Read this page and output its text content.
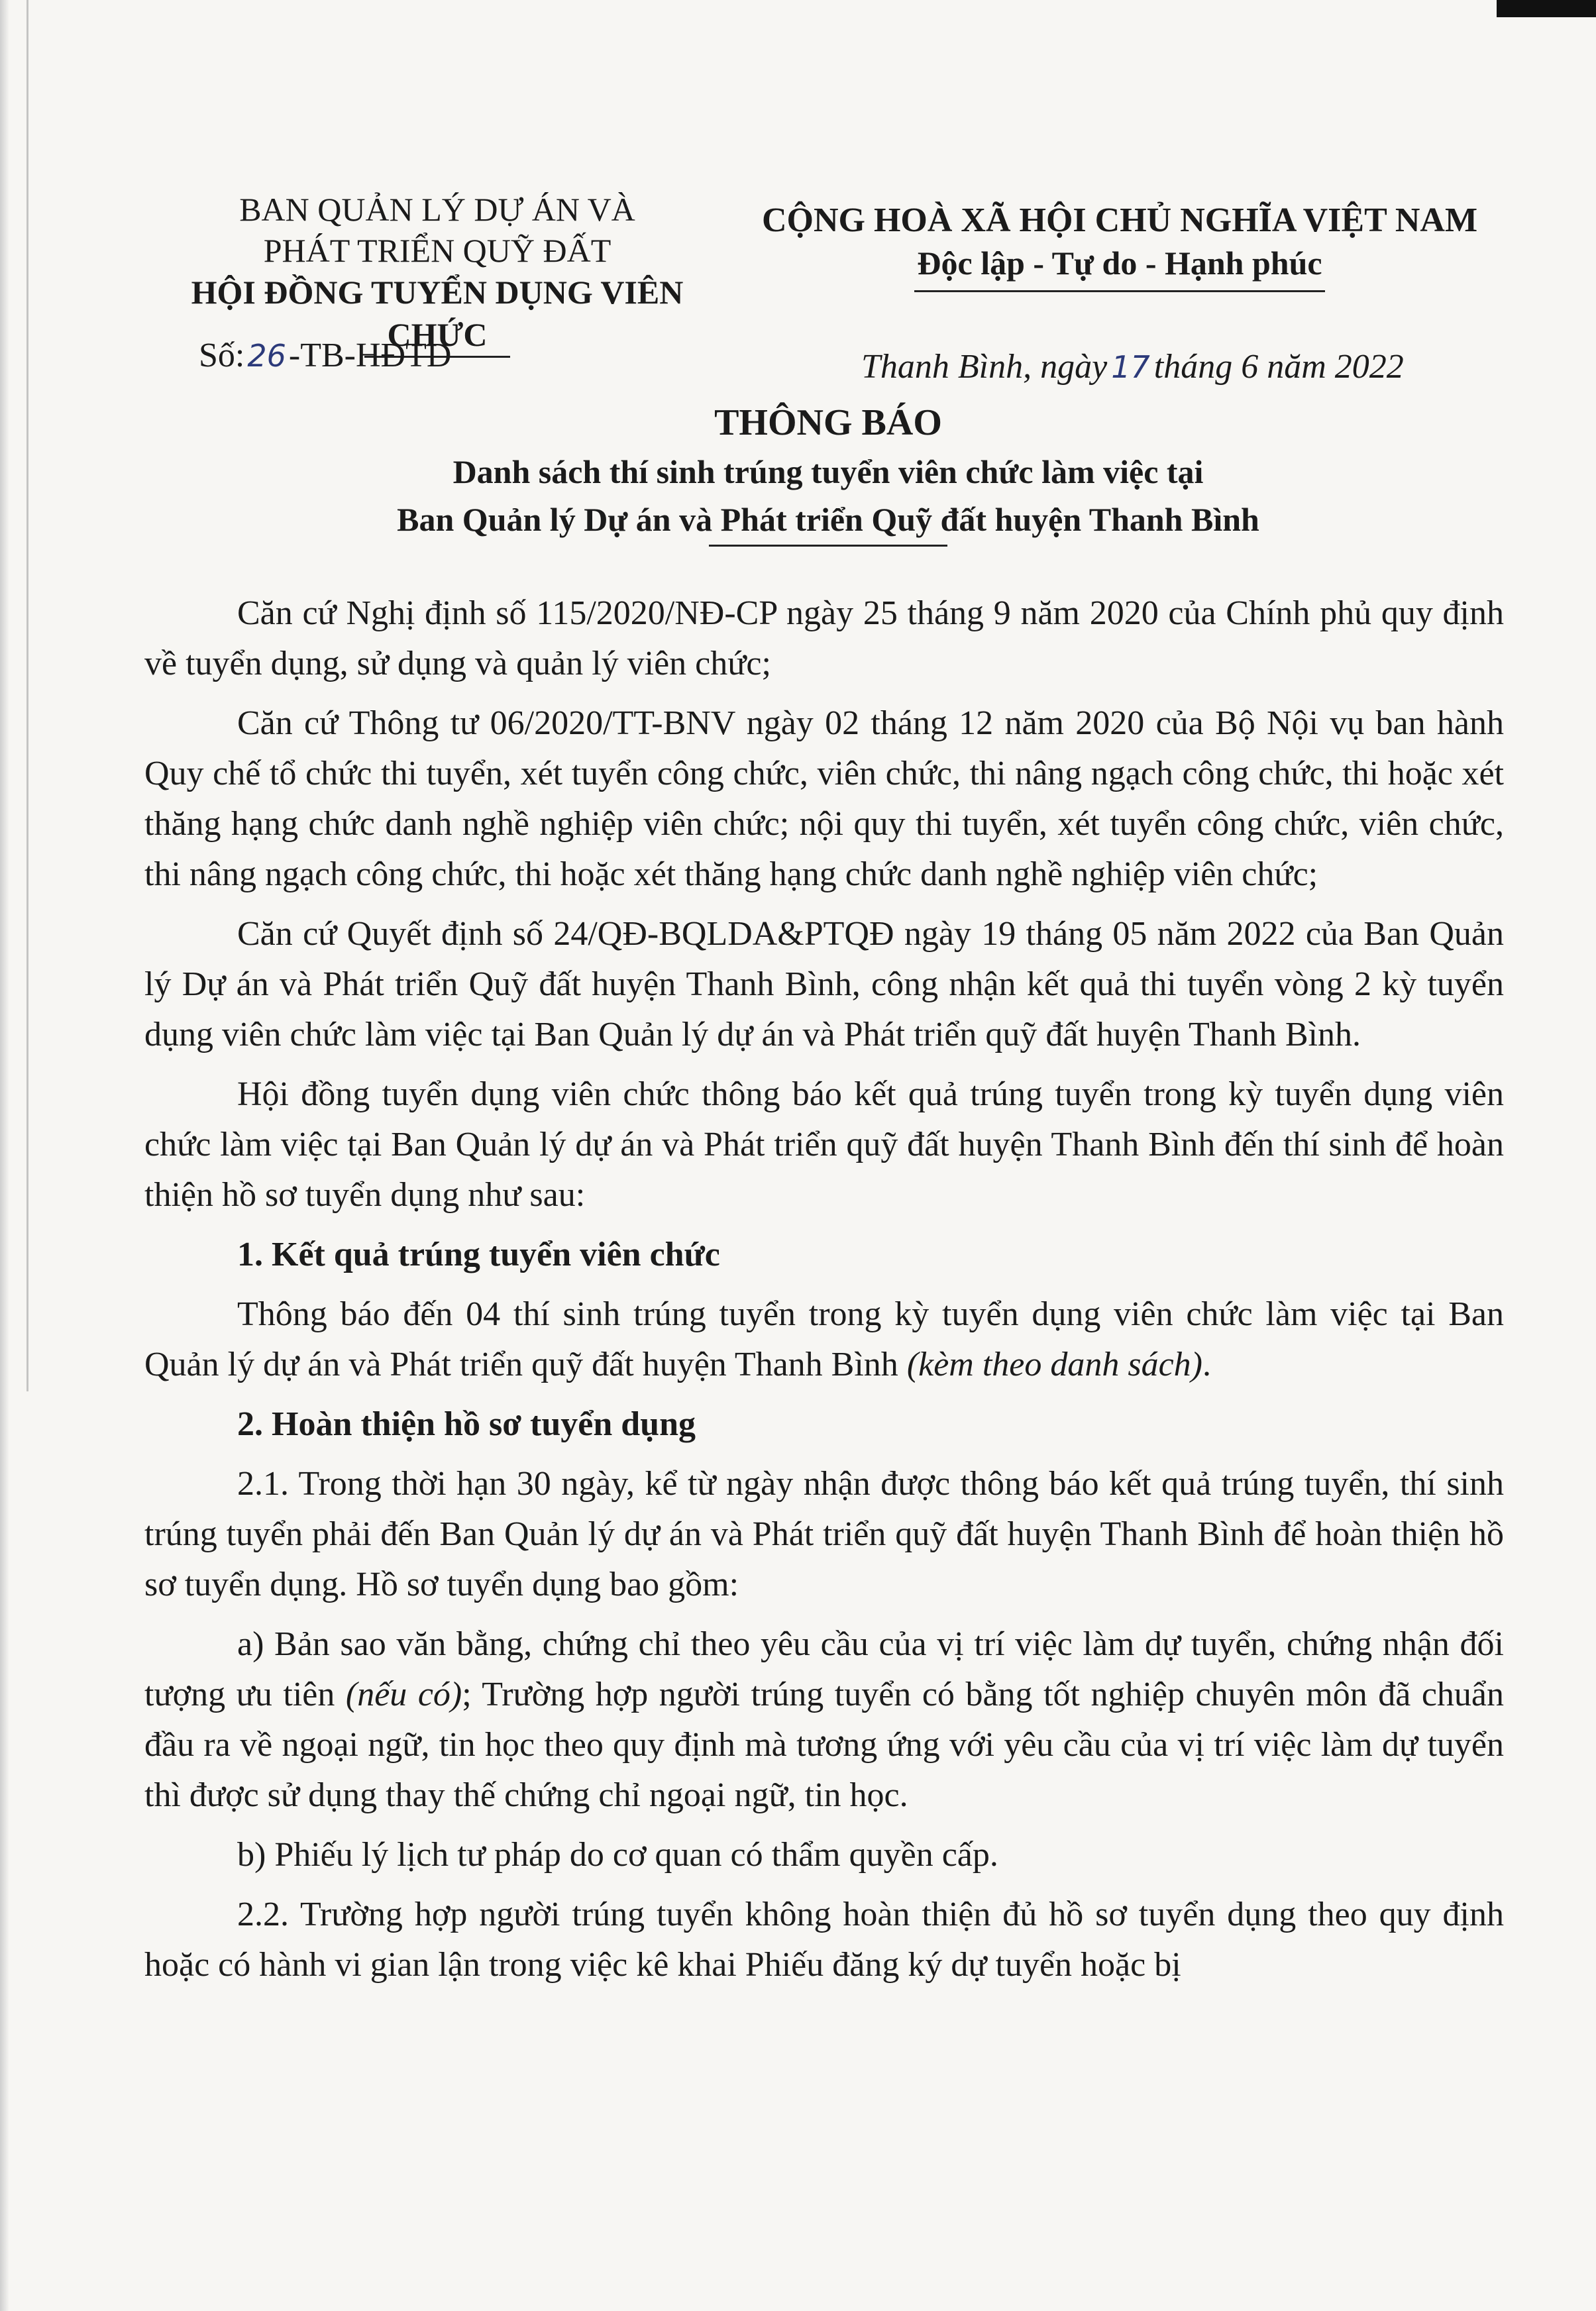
BAN QUẢN LÝ DỰ ÁN VÀ
PHÁT TRIỂN QUỸ ĐẤT
HỘI ĐỒNG TUYỂN DỤNG VIÊN CHỨC
Số:26-TB-HĐTD
CỘNG HOÀ XÃ HỘI CHỦ NGHĨA VIỆT NAM
Độc lập - Tự do - Hạnh phúc
Thanh Bình, ngày 17 tháng 6 năm 2022
THÔNG BÁO
Danh sách thí sinh trúng tuyển viên chức làm việc tại
Ban Quản lý Dự án và Phát triển Quỹ đất huyện Thanh Bình

Căn cứ Nghị định số 115/2020/NĐ-CP ngày 25 tháng 9 năm 2020 của Chính phủ quy định về tuyển dụng, sử dụng và quản lý viên chức;

Căn cứ Thông tư 06/2020/TT-BNV ngày 02 tháng 12 năm 2020 của Bộ Nội vụ ban hành Quy chế tổ chức thi tuyển, xét tuyển công chức, viên chức, thi nâng ngạch công chức, thi hoặc xét thăng hạng chức danh nghề nghiệp viên chức; nội quy thi tuyển, xét tuyển công chức, viên chức, thi nâng ngạch công chức, thi hoặc xét thăng hạng chức danh nghề nghiệp viên chức;

Căn cứ Quyết định số 24/QĐ-BQLDA&PTQĐ ngày 19 tháng 05 năm 2022 của Ban Quản lý Dự án và Phát triển Quỹ đất huyện Thanh Bình, công nhận kết quả thi tuyển vòng 2 kỳ tuyển dụng viên chức làm việc tại Ban Quản lý dự án và Phát triển quỹ đất huyện Thanh Bình.

Hội đồng tuyển dụng viên chức thông báo kết quả trúng tuyển trong kỳ tuyển dụng viên chức làm việc tại Ban Quản lý dự án và Phát triển quỹ đất huyện Thanh Bình đến thí sinh để hoàn thiện hồ sơ tuyển dụng như sau:

1. Kết quả trúng tuyển viên chức

Thông báo đến 04 thí sinh trúng tuyển trong kỳ tuyển dụng viên chức làm việc tại Ban Quản lý dự án và Phát triển quỹ đất huyện Thanh Bình (kèm theo danh sách).

2. Hoàn thiện hồ sơ tuyển dụng

2.1. Trong thời hạn 30 ngày, kể từ ngày nhận được thông báo kết quả trúng tuyển, thí sinh trúng tuyển phải đến Ban Quản lý dự án và Phát triển quỹ đất huyện Thanh Bình để hoàn thiện hồ sơ tuyển dụng. Hồ sơ tuyển dụng bao gồm:

a) Bản sao văn bằng, chứng chỉ theo yêu cầu của vị trí việc làm dự tuyển, chứng nhận đối tượng ưu tiên (nếu có); Trường hợp người trúng tuyển có bằng tốt nghiệp chuyên môn đã chuẩn đầu ra về ngoại ngữ, tin học theo quy định mà tương ứng với yêu cầu của vị trí việc làm dự tuyển thì được sử dụng thay thế chứng chỉ ngoại ngữ, tin học.

b) Phiếu lý lịch tư pháp do cơ quan có thẩm quyền cấp.

2.2. Trường hợp người trúng tuyển không hoàn thiện đủ hồ sơ tuyển dụng theo quy định hoặc có hành vi gian lận trong việc kê khai Phiếu đăng ký dự tuyển hoặc bị
